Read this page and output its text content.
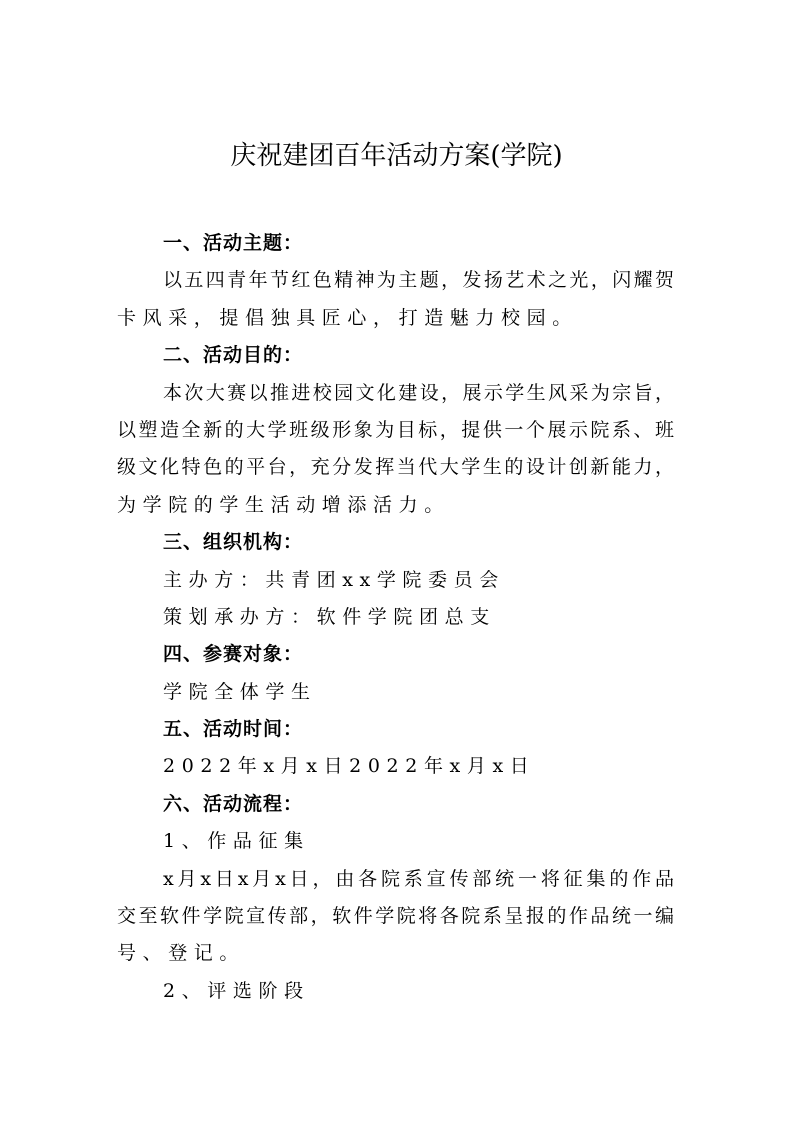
庆祝建团百年活动方案(学院)
一、活动主题：
以五四青年节红色精神为主题，发扬艺术之光，闪耀贺
卡风采，提倡独具匠心，打造魅力校园。
二、活动目的：
本次大赛以推进校园文化建设，展示学生风采为宗旨，
以塑造全新的大学班级形象为目标，提供一个展示院系、班
级文化特色的平台，充分发挥当代大学生的设计创新能力，
为学院的学生活动增添活力。
三、组织机构：
主办方：共青团xx学院委员会
策划承办方：软件学院团总支
四、参赛对象：
学院全体学生
五、活动时间：
2022年x月x日2022年x月x日
六、活动流程：
1、作品征集
x月x日x月x日，由各院系宣传部统一将征集的作品
交至软件学院宣传部，软件学院将各院系呈报的作品统一编
号、登记。
2、评选阶段
